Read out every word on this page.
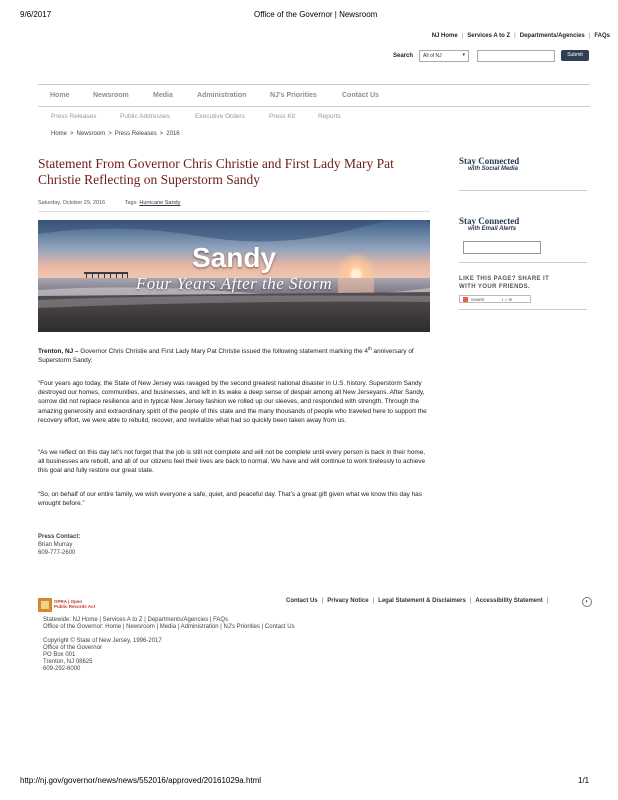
9/6/2017	Office of the Governor | Newsroom
NJ Home | Services A to Z | Departments/Agencies | FAQs
Search	All of NJ	▾	Submit
Home	Newsroom	Media	Administration	NJ's Priorities	Contact Us
Press Releases	Public Addresses	Executive Orders	Press Kit	Reports
Home > Newsroom > Press Releases > 2016
Statement From Governor Chris Christie and First Lady Mary Pat Christie Reflecting on Superstorm Sandy
Saturday, October 29, 2016	Tags: Hurricane Sandy
Sandy
Four Years After the Storm

Trenton, NJ – Governor Chris Christie and First Lady Mary Pat Christie issued the following statement marking the 4th anniversary of Superstorm Sandy:

“Four years ago today, the State of New Jersey was ravaged by the second greatest national disaster in U.S. history. Superstorm Sandy destroyed our homes, communities, and businesses, and left in its wake a deep sense of despair among all New Jerseyans. After Sandy, sorrow did not replace resilience and in typical New Jersey fashion we rolled up our sleeves, and responded with strength. Through the amazing generosity and extraordinary spirit of the people of this state and the many thousands of people who traveled here to support the recovery effort, we were able to rebuild, recover, and revitalize what had so quickly been taken away from us.
“As we reflect on this day let’s not forget that the job is still not complete and will not be complete until every person is back in their home, all businesses are rebuilt, and all of our citizens feel their lives are back to normal. We have and will continue to work tirelessly to achieve this goal and fully restore our great state.
“So, on behalf of our entire family, we wish everyone a safe, quiet, and peaceful day. That’s a great gift given what we know this day has wrought before.”
Press Contact:
Brian Murray
609-777-2600
Stay Connected
with Social Media
Stay Connected
with Email Alerts
LIKE THIS PAGE? SHARE IT
WITH YOUR FRIENDS.
SHARE	f ✓ ✉
OPRA | Open
Public Records Act
Contact Us | Privacy Notice | Legal Statement & Disclaimers | Accessibility Statement |	◐
Statewide: NJ Home | Services A to Z | Departments/Agencies | FAQs
Office of the Governor: Home | Newsroom | Media | Administration | NJ's Priorities | Contact Us
Copyright © State of New Jersey, 1996-2017
Office of the Governor
PO Box 001
Trenton, NJ 08625
609-292-6000
http://nj.gov/governor/news/news/552016/approved/20161029a.html	1/1
